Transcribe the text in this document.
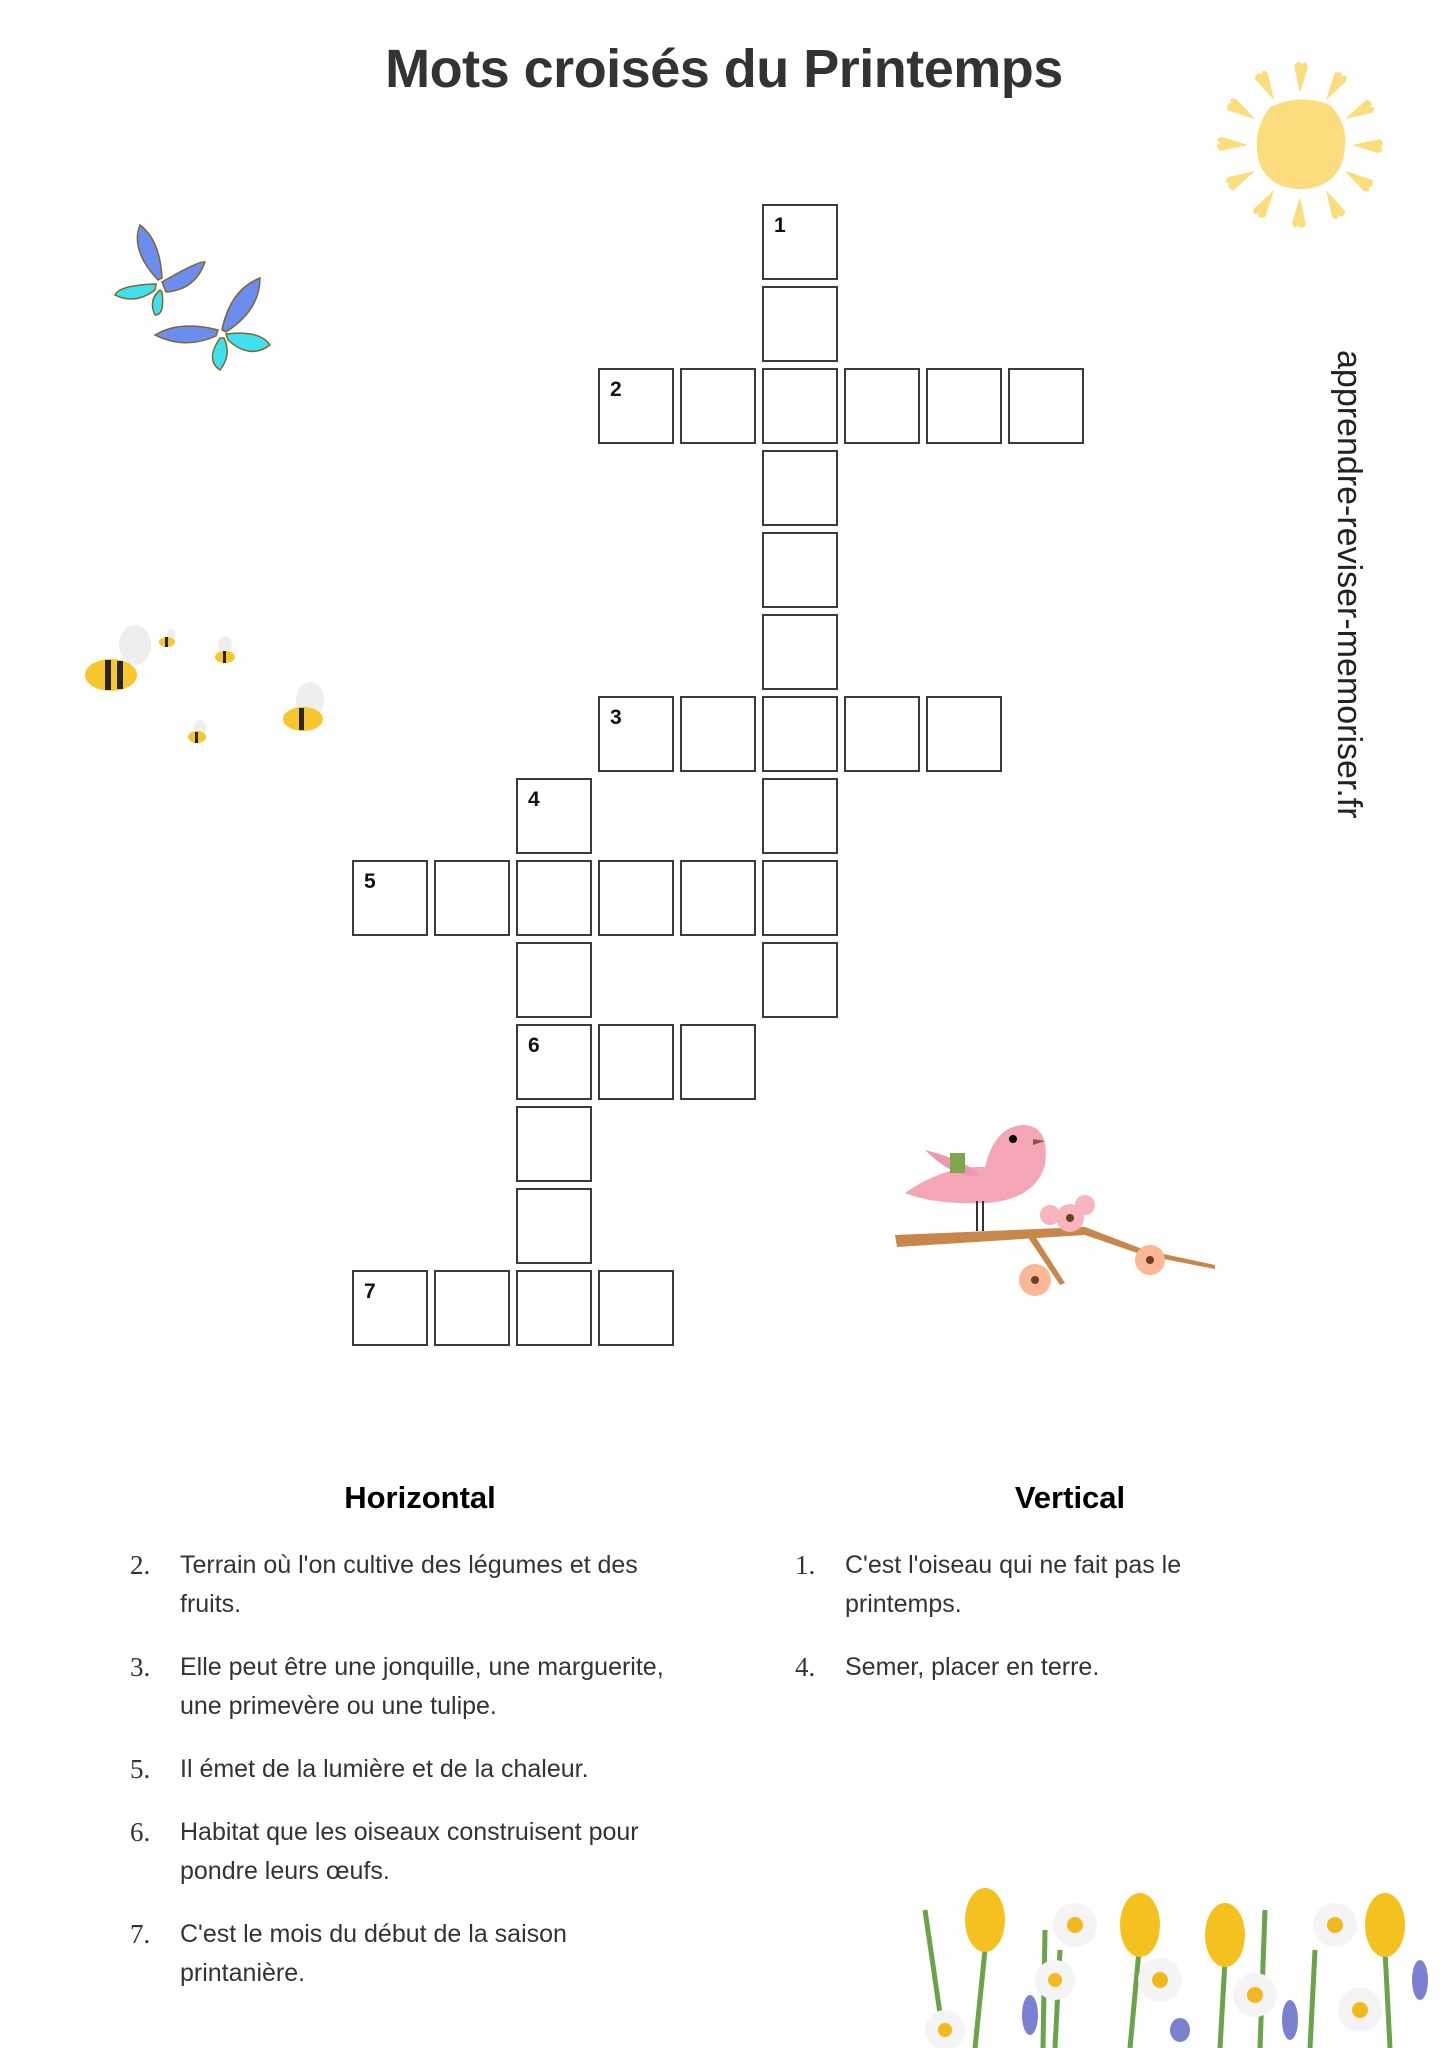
Mots croisés du Printemps
apprendre-reviser-memoriser.fr
1
2
3
4
6
5
7
Horizontal
2.	Terrain où l'on cultive des légumes et des fruits.
3.	Elle peut être une jonquille, une marguerite, une primevère ou une tulipe.
5.	Il émet de la lumière et de la chaleur.
6.	Habitat que les oiseaux construisent pour pondre leurs œufs.
7.	C'est le mois du début de la saison printanière.
Vertical
1.	C'est l'oiseau qui ne fait pas le printemps.
4.	Semer, placer en terre.
